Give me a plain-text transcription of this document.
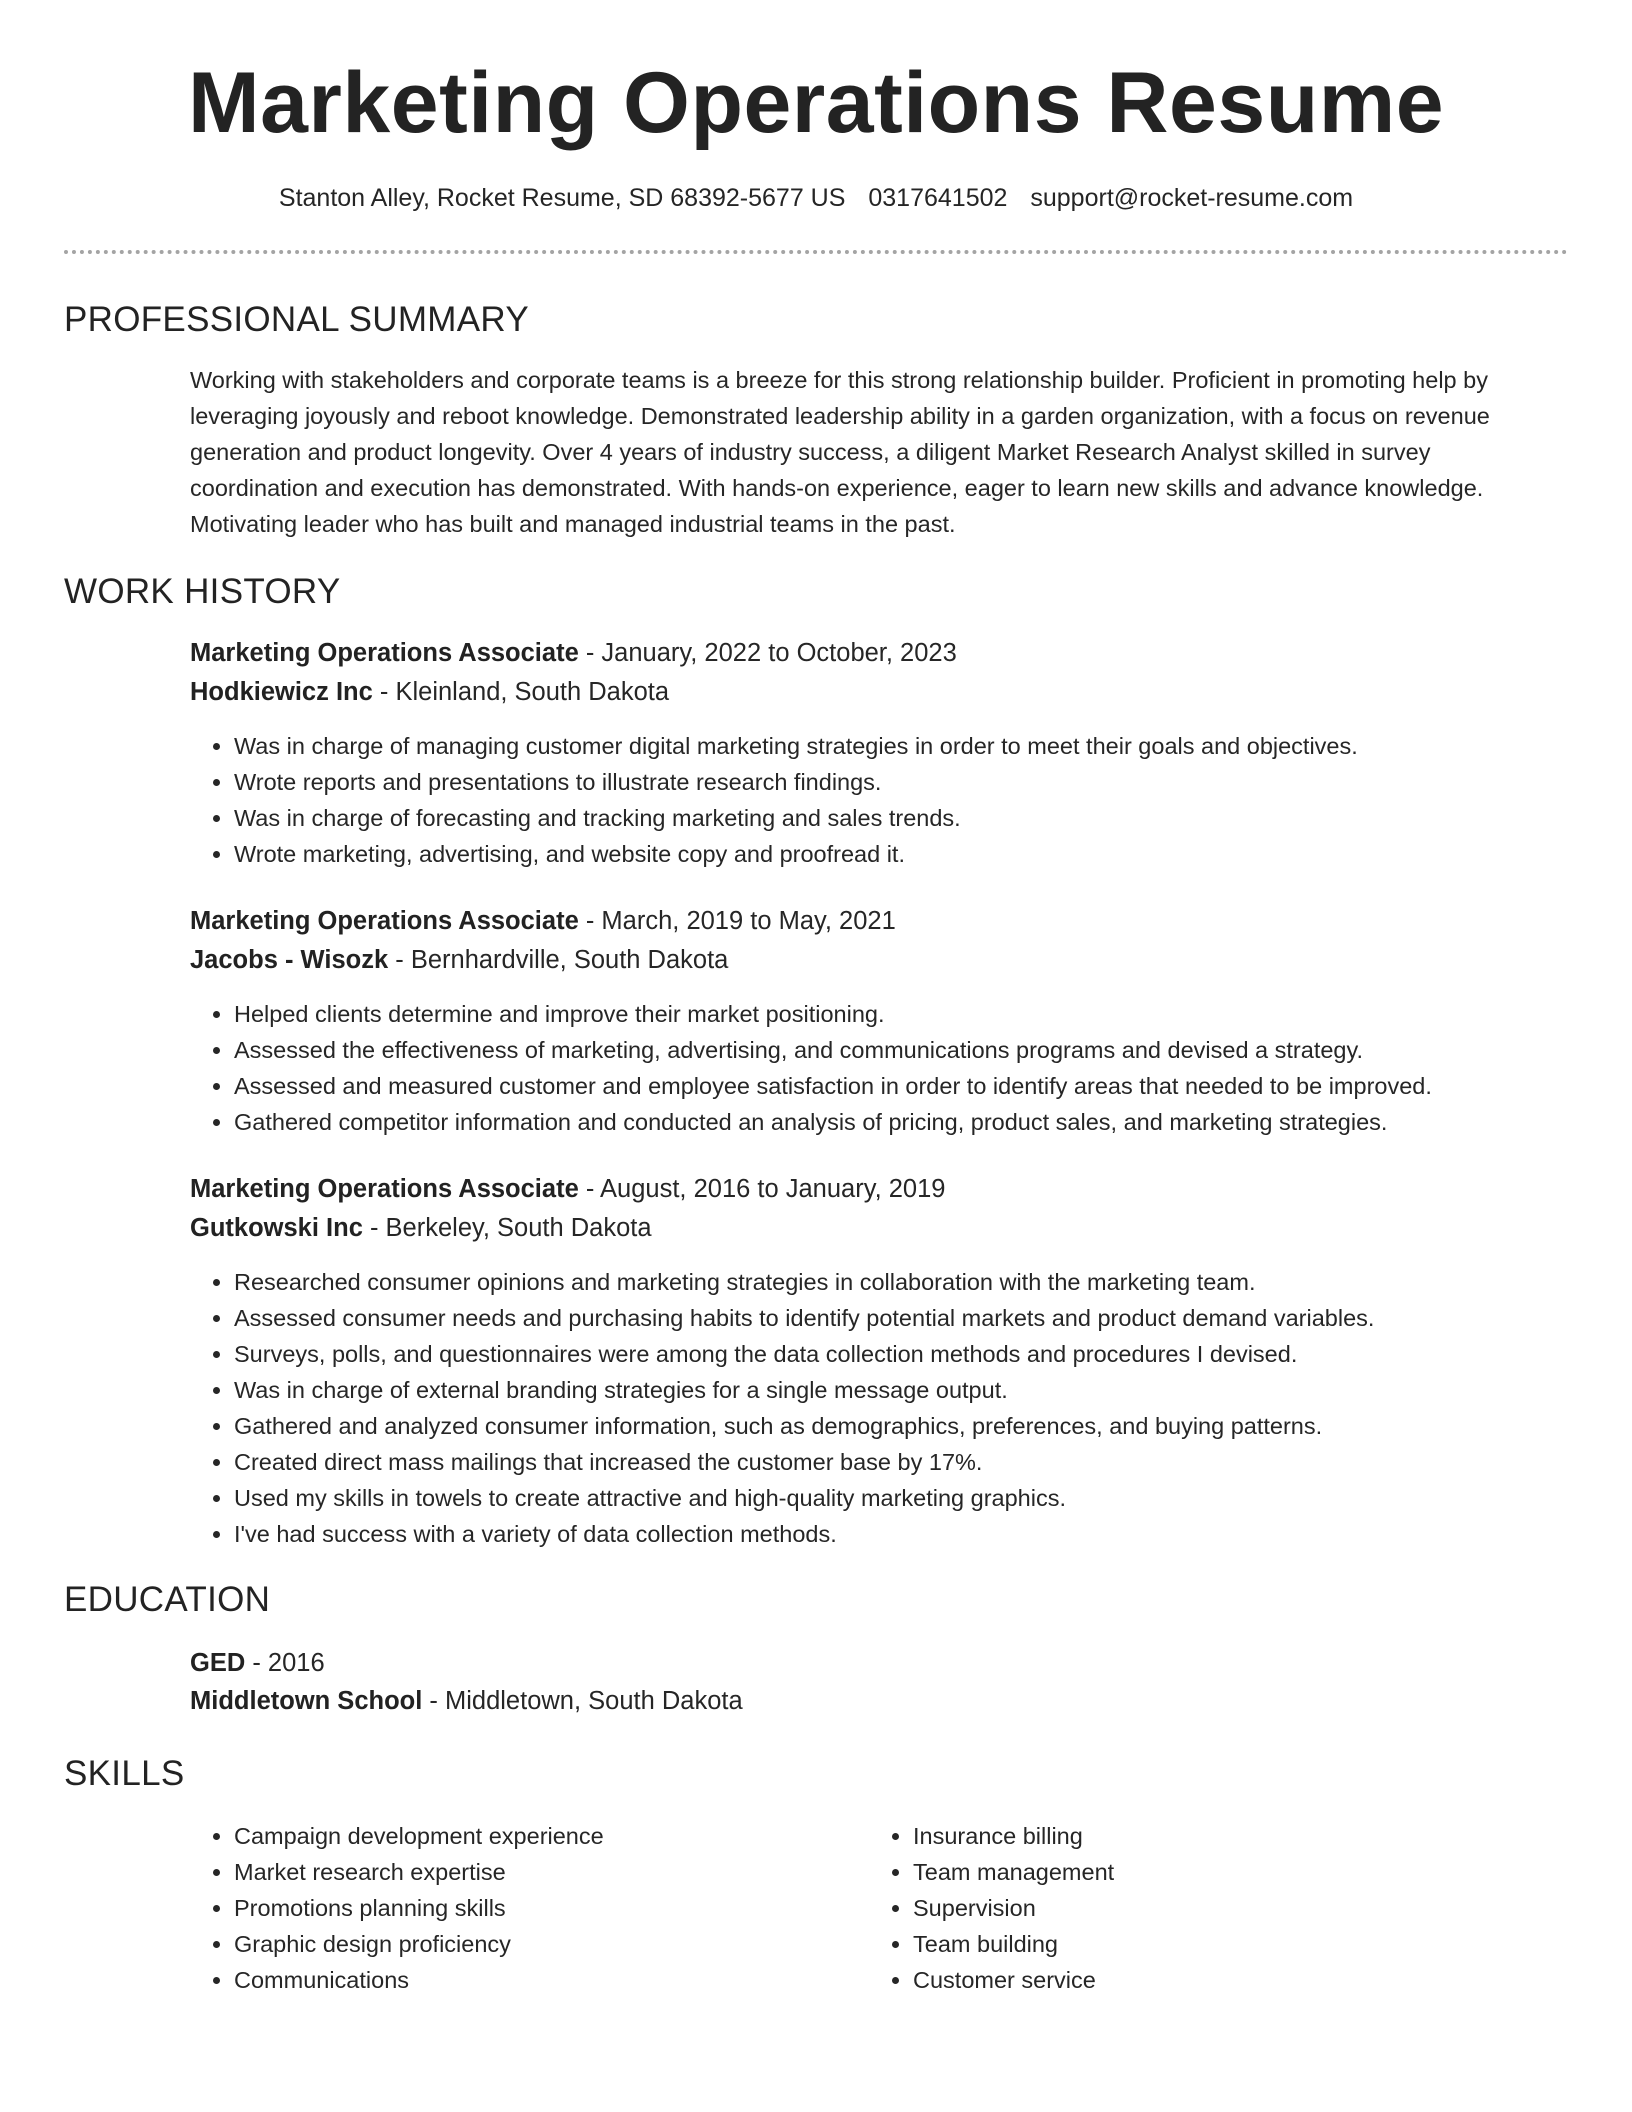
Marketing Operations Resume
Stanton Alley, Rocket Resume, SD 68392-5677 US 0317641502 support@rocket-resume.com
PROFESSIONAL SUMMARY

Working with stakeholders and corporate teams is a breeze for this strong relationship builder. Proficient in promoting help by leveraging joyously and reboot knowledge. Demonstrated leadership ability in a garden organization, with a focus on revenue generation and product longevity. Over 4 years of industry success, a diligent Market Research Analyst skilled in survey coordination and execution has demonstrated. With hands-on experience, eager to learn new skills and advance knowledge. Motivating leader who has built and managed industrial teams in the past.

WORK HISTORY
Marketing Operations Associate - January, 2022 to October, 2023
Hodkiewicz Inc - Kleinland, South Dakota
• Was in charge of managing customer digital marketing strategies in order to meet their goals and objectives.
• Wrote reports and presentations to illustrate research findings.
• Was in charge of forecasting and tracking marketing and sales trends.
• Wrote marketing, advertising, and website copy and proofread it.
Marketing Operations Associate - March, 2019 to May, 2021
Jacobs - Wisozk - Bernhardville, South Dakota
• Helped clients determine and improve their market positioning.
• Assessed the effectiveness of marketing, advertising, and communications programs and devised a strategy.
• Assessed and measured customer and employee satisfaction in order to identify areas that needed to be improved.
• Gathered competitor information and conducted an analysis of pricing, product sales, and marketing strategies.
Marketing Operations Associate - August, 2016 to January, 2019
Gutkowski Inc - Berkeley, South Dakota
• Researched consumer opinions and marketing strategies in collaboration with the marketing team.
• Assessed consumer needs and purchasing habits to identify potential markets and product demand variables.
• Surveys, polls, and questionnaires were among the data collection methods and procedures I devised.
• Was in charge of external branding strategies for a single message output.
• Gathered and analyzed consumer information, such as demographics, preferences, and buying patterns.
• Created direct mass mailings that increased the customer base by 17%.
• Used my skills in towels to create attractive and high-quality marketing graphics.
• I've had success with a variety of data collection methods.
EDUCATION
GED - 2016
Middletown School - Middletown, South Dakota
SKILLS
• Campaign development experience
• Market research expertise
• Promotions planning skills
• Graphic design proficiency
• Communications
• Insurance billing
• Team management
• Supervision
• Team building
• Customer service
